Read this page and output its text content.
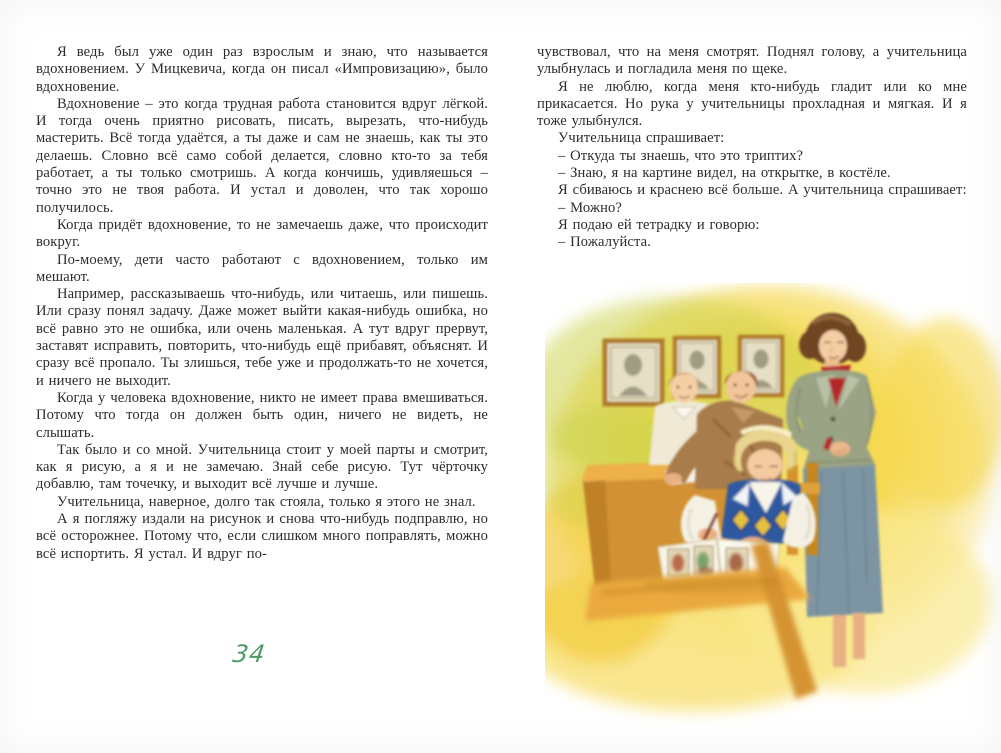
Я ведь был уже один раз взрослым и знаю, что называется вдохновением. У Мицкевича, когда он писал «Импровизацию», было вдохновение.

Вдохновение – это когда трудная работа становится вдруг лёгкой. И тогда очень приятно рисовать, писать, вырезать, что-нибудь мастерить. Всё тогда удаётся, а ты даже и сам не знаешь, как ты это делаешь. Словно всё само собой делается, словно кто-то за тебя работает, а ты только смотришь. А когда кончишь, удивляешься – точно это не твоя работа. И устал и доволен, что так хорошо получилось.

Когда придёт вдохновение, то не замечаешь даже, что происходит вокруг.

По-моему, дети часто работают с вдохновением, только им мешают.

Например, рассказываешь что-нибудь, или читаешь, или пишешь. Или сразу понял задачу. Даже может выйти какая-нибудь ошибка, но всё равно это не ошибка, или очень маленькая. А тут вдруг прервут, заставят исправить, повторить, что-нибудь ещё прибавят, объяснят. И сразу всё пропало. Ты злишься, тебе уже и продолжать-то не хочется, и ничего не выходит.

Когда у человека вдохновение, никто не имеет права вмешиваться. Потому что тогда он должен быть один, ничего не видеть, не слышать.

Так было и со мной. Учительница стоит у моей парты и смотрит, как я рисую, а я и не замечаю. Знай себе рисую. Тут чёрточку добавлю, там точечку, и выходит всё лучше и лучше.

Учительница, наверное, долго так стояла, только я этого не знал.

А я погляжу издали на рисунок и снова что-нибудь подправлю, но всё осторожнее. Потому что, если слишком много поправлять, можно всё испортить. Я устал. И вдруг по-

34

чувствовал, что на меня смотрят. Поднял голову, а учительница улыбнулась и погладила меня по щеке.

Я не люблю, когда меня кто-нибудь гладит или ко мне прикасается. Но рука у учительницы прохладная и мягкая. И я тоже улыбнулся.

Учительница спрашивает:

– Откуда ты знаешь, что это триптих?

– Знаю, я на картине видел, на открытке, в костёле.

Я сбиваюсь и краснею всё больше. А учительница спрашивает:

– Можно?

Я подаю ей тетрадку и говорю:

– Пожалуйста.
